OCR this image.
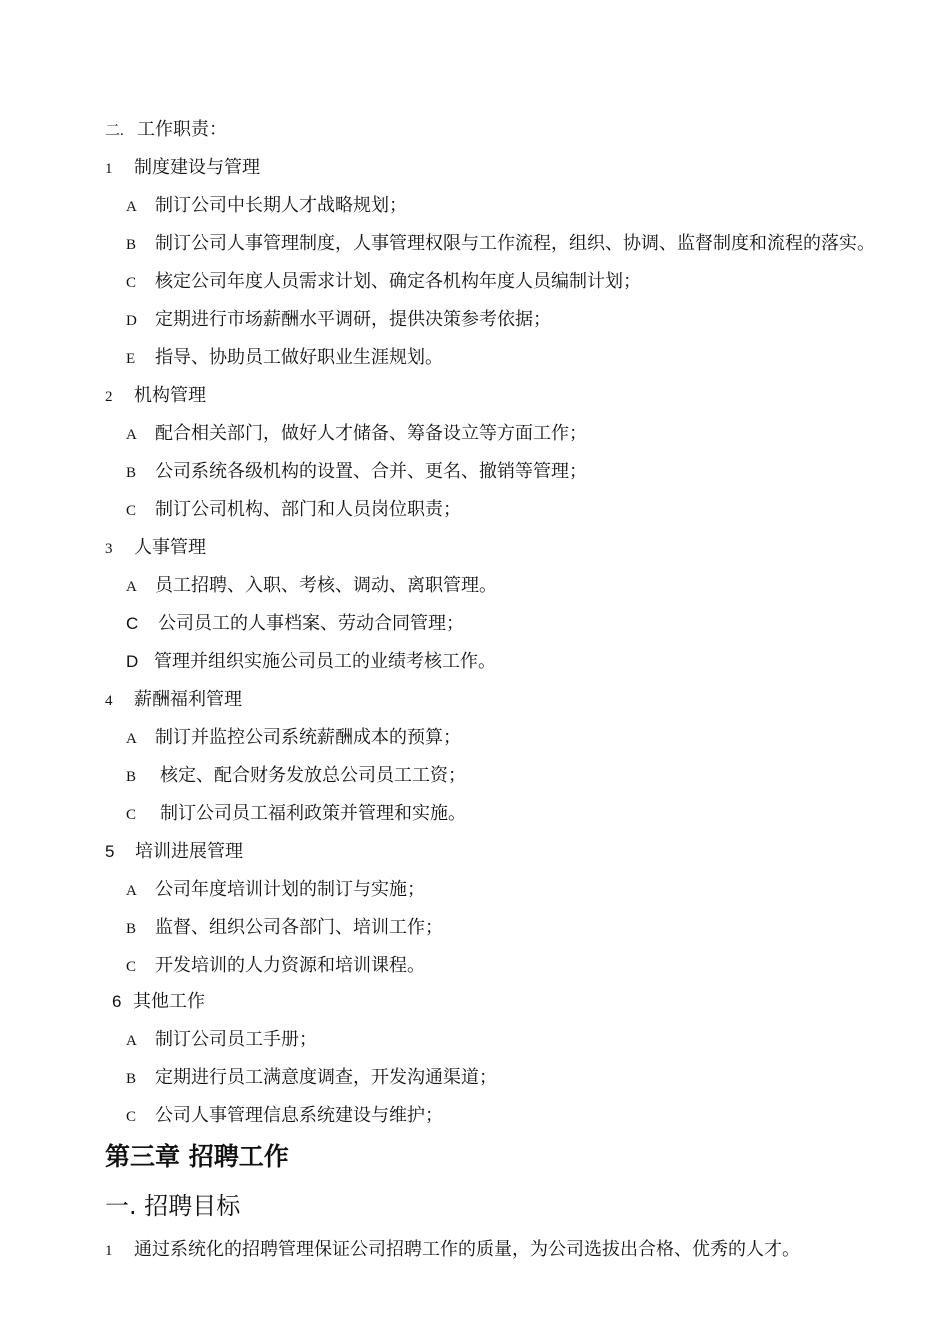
二. 工作职责：
1 制度建设与管理
A 制订公司中长期人才战略规划；
B 制订公司人事管理制度，人事管理权限与工作流程，组织、协调、监督制度和流程的落实。
C 核定公司年度人员需求计划、确定各机构年度人员编制计划；
D 定期进行市场薪酬水平调研，提供决策参考依据；
E 指导、协助员工做好职业生涯规划。
2 机构管理
A 配合相关部门，做好人才储备、筹备设立等方面工作；
B 公司系统各级机构的设置、合并、更名、撤销等管理；
C 制订公司机构、部门和人员岗位职责；
3 人事管理
A 员工招聘、入职、考核、调动、离职管理。
C 公司员工的人事档案、劳动合同管理；
D 管理并组织实施公司员工的业绩考核工作。
4 薪酬福利管理
A 制订并监控公司系统薪酬成本的预算；
B 核定、配合财务发放总公司员工工资；
C 制订公司员工福利政策并管理和实施。
5 培训进展管理
A 公司年度培训计划的制订与实施；
B 监督、组织公司各部门、培训工作；
C 开发培训的人力资源和培训课程。
6 其他工作
A 制订公司员工手册；
B 定期进行员工满意度调查，开发沟通渠道；
C 公司人事管理信息系统建设与维护；
第三章 招聘工作
一. 招聘目标
1 通过系统化的招聘管理保证公司招聘工作的质量，为公司选拔出合格、优秀的人才。
